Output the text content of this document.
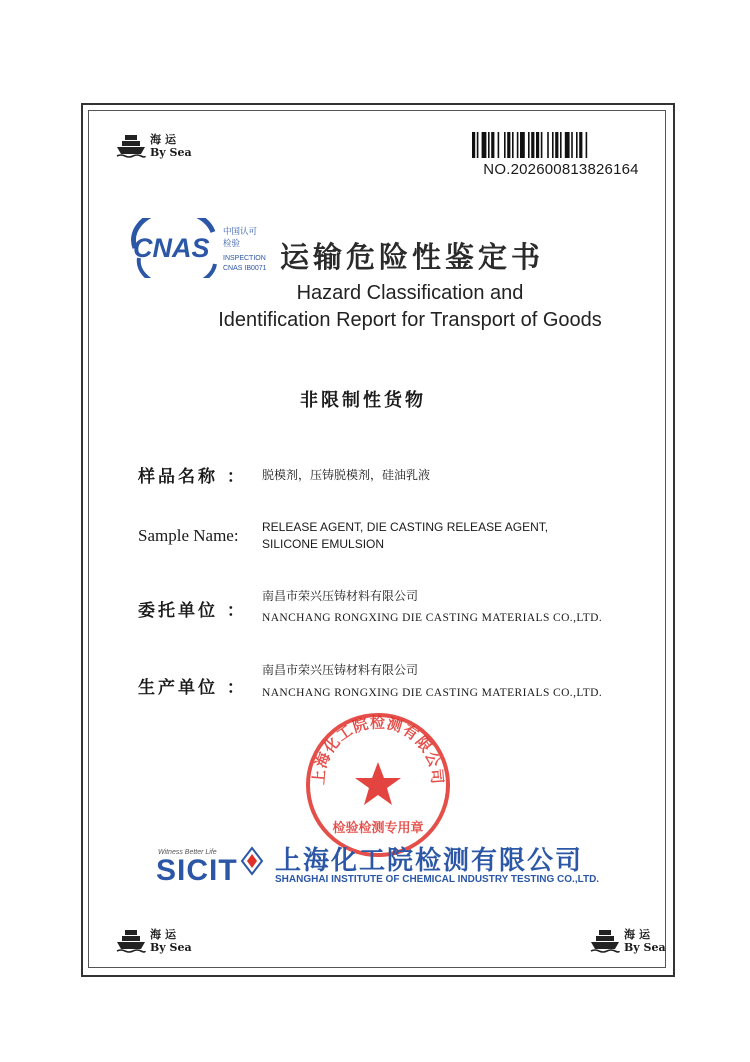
海运
By Sea
海运
By Sea
海运
By Sea
NO.202600813826164
CNAS
中国认可
检验
INSPECTION
CNAS IB0071 运输危险性鉴定书
Hazard Classification and
Identification Report for Transport of Goods
非限制性货物
样品名称 ： 脱模剂，压铸脱模剂，硅油乳液
Sample Name: RELEASE AGENT, DIE CASTING RELEASE AGENT, SILICONE EMULSION
委托单位 ：
南昌市荣兴压铸材料有限公司
NANCHANG RONGXING DIE CASTING MATERIALS CO.,LTD.
生产单位 ：
南昌市荣兴压铸材料有限公司
NANCHANG RONGXING DIE CASTING MATERIALS CO.,LTD.
上海化工院检测有限公司
检验检测专用章
Witness Better Life
SICIT 上海化工院检测有限公司
SHANGHAI INSTITUTE OF CHEMICAL INDUSTRY TESTING CO.,LTD.
